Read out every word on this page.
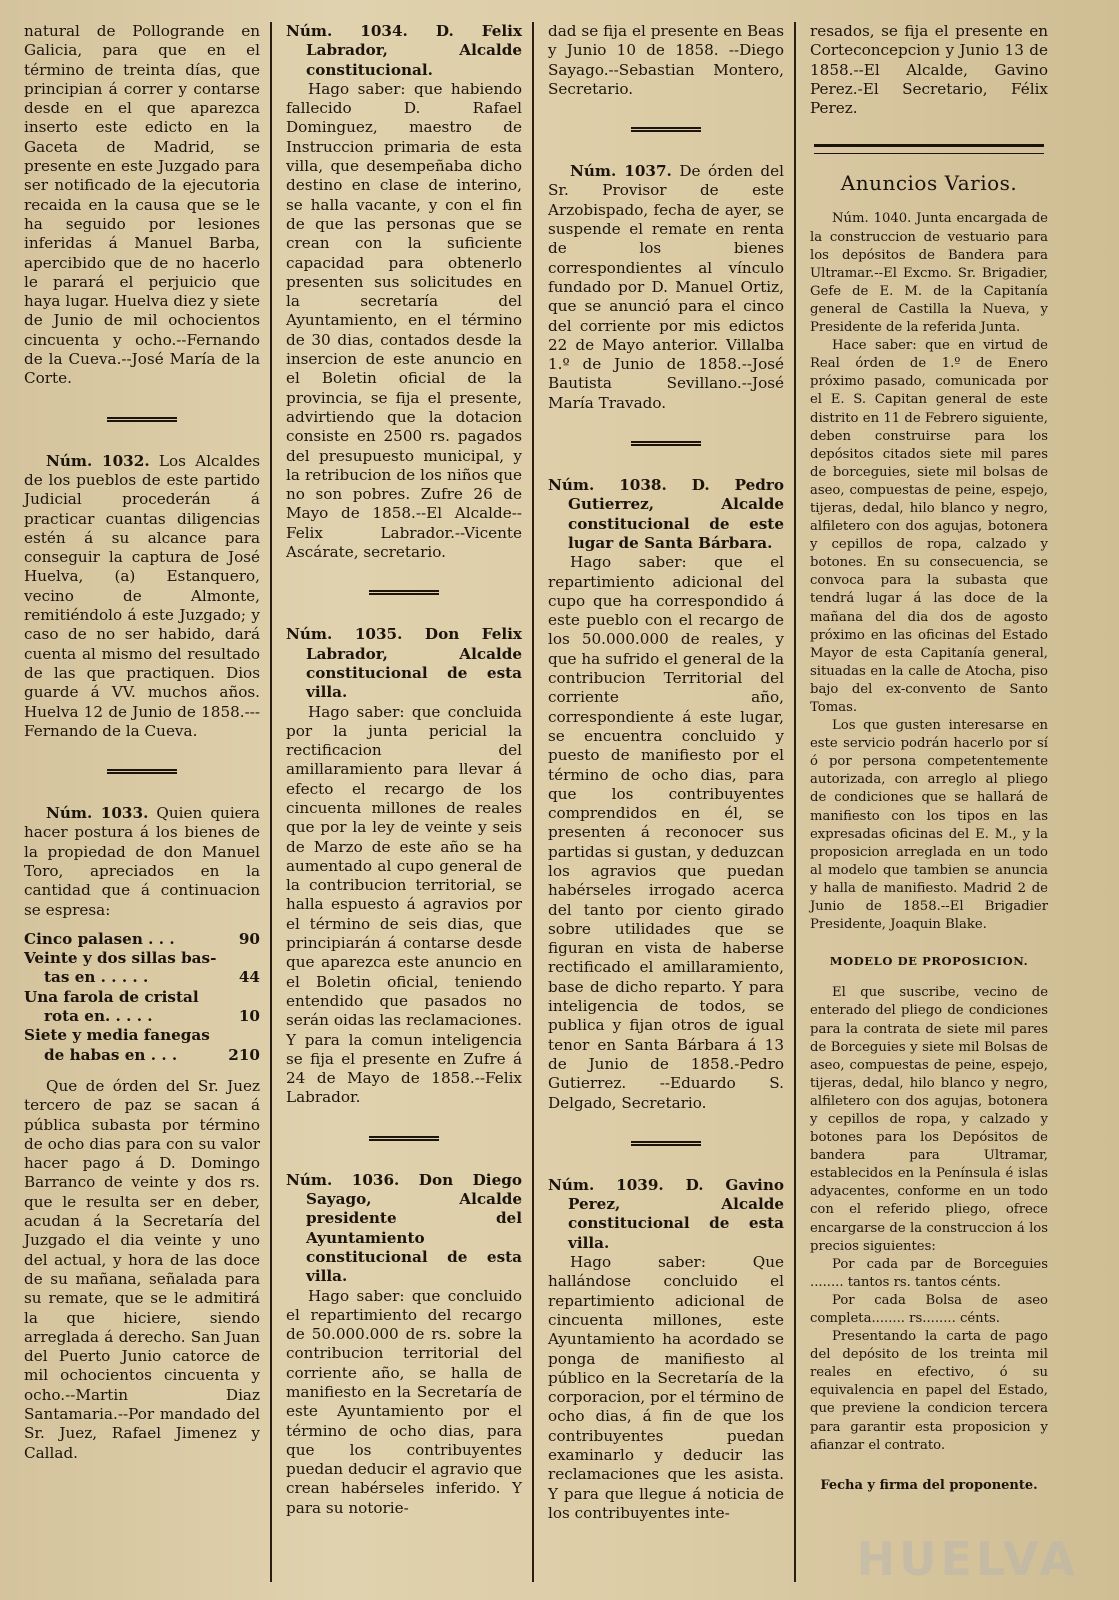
natural de Pollogrande en Galicia, para que en el término de treinta días, que principian á correr y contarse desde en el que aparezca inserto este edicto en la Gaceta de Madrid, se presente en este Juzgado para ser notificado de la ejecutoria recaida en la causa que se le ha seguido por lesiones inferidas á Manuel Barba, apercibido que de no hacerlo le parará el perjuicio que haya lugar. Huelva diez y siete de Junio de mil ochocientos cincuenta y ocho.--Fernando de la Cueva.--José María de la Corte.

Núm. 1032. Los Alcaldes de los pueblos de este partido Judicial procederán á practicar cuantas diligencias estén á su alcance para conseguir la captura de José Huelva, (a) Estanquero, vecino de Almonte, remitiéndolo á este Juzgado; y caso de no ser habido, dará cuenta al mismo del resultado de las que practiquen. Dios guarde á VV. muchos años. Huelva 12 de Junio de 1858.---Fernando de la Cueva.

Núm. 1033. Quien quiera hacer postura á los bienes de la propiedad de don Manuel Toro, apreciados en la cantidad que á continuacion se espresa:

Cinco palasen . . .	90
Veinte y dos sillas bas-
tas en . . . . .	44
Una farola de cristal
rota en. . . . .	10
Siete y media fanegas
de habas en . . .	210

Que de órden del Sr. Juez tercero de paz se sacan á pública subasta por término de ocho dias para con su valor hacer pago á D. Domingo Barranco de veinte y dos rs. que le resulta ser en deber, acudan á la Secretaría del Juzgado el dia veinte y uno del actual, y hora de las doce de su mañana, señalada para su remate, que se le admitirá la que hiciere, siendo arreglada á derecho. San Juan del Puerto Junio catorce de mil ochocientos cincuenta y ocho.--Martin Diaz Santamaria.--Por mandado del Sr. Juez, Rafael Jimenez y Callad.

Núm. 1034. D. Felix Labrador, Alcalde constitucional.

Hago saber: que habiendo fallecido D. Rafael Dominguez, maestro de Instruccion primaria de esta villa, que desempeñaba dicho destino en clase de interino, se halla vacante, y con el fin de que las personas que se crean con la suficiente capacidad para obtenerlo presenten sus solicitudes en la secretaría del Ayuntamiento, en el término de 30 dias, contados desde la insercion de este anuncio en el Boletin oficial de la provincia, se fija el presente, advirtiendo que la dotacion consiste en 2500 rs. pagados del presupuesto municipal, y la retribucion de los niños que no son pobres. Zufre 26 de Mayo de 1858.--El Alcalde--Felix Labrador.--Vicente Ascárate, secretario.

Núm. 1035. Don Felix Labrador, Alcalde constitucional de esta villa.

Hago saber: que concluida por la junta pericial la rectificacion del amillaramiento para llevar á efecto el recargo de los cincuenta millones de reales que por la ley de veinte y seis de Marzo de este año se ha aumentado al cupo general de la contribucion territorial, se halla espuesto á agravios por el término de seis dias, que principiarán á contarse desde que aparezca este anuncio en el Boletin oficial, teniendo entendido que pasados no serán oidas las reclamaciones. Y para la comun inteligencia se fija el presente en Zufre á 24 de Mayo de 1858.--Felix Labrador.

Núm. 1036. Don Diego Sayago, Alcalde presidente del Ayuntamiento constitucional de esta villa.

Hago saber: que concluido el repartimiento del recargo de 50.000.000 de rs. sobre la contribucion territorial del corriente año, se halla de manifiesto en la Secretaría de este Ayuntamiento por el término de ocho dias, para que los contribuyentes puedan deducir el agravio que crean habérseles inferido. Y para su notorie-

dad se fija el presente en Beas y Junio 10 de 1858. --Diego Sayago.--Sebastian Montero, Secretario.

Núm. 1037. De órden del Sr. Provisor de este Arzobispado, fecha de ayer, se suspende el remate en renta de los bienes correspondientes al vínculo fundado por D. Manuel Ortiz, que se anunció para el cinco del corriente por mis edictos 22 de Mayo anterior. Villalba 1.º de Junio de 1858.--José Bautista Sevillano.--José María Travado.

Núm. 1038. D. Pedro Gutierrez, Alcalde constitucional de este lugar de Santa Bárbara.

Hago saber: que el repartimiento adicional del cupo que ha correspondido á este pueblo con el recargo de los 50.000.000 de reales, y que ha sufrido el general de la contribucion Territorial del corriente año, correspondiente á este lugar, se encuentra concluido y puesto de manifiesto por el término de ocho dias, para que los contribuyentes comprendidos en él, se presenten á reconocer sus partidas si gustan, y deduzcan los agravios que puedan habérseles irrogado acerca del tanto por ciento girado sobre utilidades que se figuran en vista de haberse rectificado el amillaramiento, base de dicho reparto. Y para inteligencia de todos, se publica y fijan otros de igual tenor en Santa Bárbara á 13 de Junio de 1858.-Pedro Gutierrez. --Eduardo S. Delgado, Secretario.

Núm. 1039. D. Gavino Perez, Alcalde constitucional de esta villa.

Hago saber: Que hallándose concluido el repartimiento adicional de cincuenta millones, este Ayuntamiento ha acordado se ponga de manifiesto al público en la Secretaría de la corporacion, por el término de ocho dias, á fin de que los contribuyentes puedan examinarlo y deducir las reclamaciones que les asista. Y para que llegue á noticia de los contribuyentes inte-

resados, se fija el presente en Corteconcepcion y Junio 13 de 1858.--El Alcalde, Gavino Perez.-El Secretario, Félix Perez.

Anuncios Varios.

Núm. 1040. Junta encargada de la construccion de vestuario para los depósitos de Bandera para Ultramar.--El Excmo. Sr. Brigadier, Gefe de E. M. de la Capitanía general de Castilla la Nueva, y Presidente de la referida Junta.

Hace saber: que en virtud de Real órden de 1.º de Enero próximo pasado, comunicada por el E. S. Capitan general de este distrito en 11 de Febrero siguiente, deben construirse para los depósitos citados siete mil pares de borceguies, siete mil bolsas de aseo, compuestas de peine, espejo, tijeras, dedal, hilo blanco y negro, alfiletero con dos agujas, botonera y cepillos de ropa, calzado y botones. En su consecuencia, se convoca para la subasta que tendrá lugar á las doce de la mañana del dia dos de agosto próximo en las oficinas del Estado Mayor de esta Capitanía general, situadas en la calle de Atocha, piso bajo del ex-convento de Santo Tomas.

Los que gusten interesarse en este servicio podrán hacerlo por sí ó por persona competentemente autorizada, con arreglo al pliego de condiciones que se hallará de manifiesto con los tipos en las expresadas oficinas del E. M., y la proposicion arreglada en un todo al modelo que tambien se anuncia y halla de manifiesto. Madrid 2 de Junio de 1858.--El Brigadier Presidente, Joaquin Blake.

MODELO DE PROPOSICION.

El que suscribe, vecino de enterado del pliego de condiciones para la contrata de siete mil pares de Borceguies y siete mil Bolsas de aseo, compuestas de peine, espejo, tijeras, dedal, hilo blanco y negro, alfiletero con dos agujas, botonera y cepillos de ropa, y calzado y botones para los Depósitos de bandera para Ultramar, establecidos en la Península é islas adyacentes, conforme en un todo con el referido pliego, ofrece encargarse de la construccion á los precios siguientes:

Por cada par de Borceguies ........ tantos rs. tantos cénts.

Por cada Bolsa de aseo completa........ rs........ cénts.

Presentando la carta de pago del depósito de los treinta mil reales en efectivo, ó su equivalencia en papel del Estado, que previene la condicion tercera para garantir esta proposicion y afianzar el contrato.

Fecha y firma del proponente.
HUELVA
